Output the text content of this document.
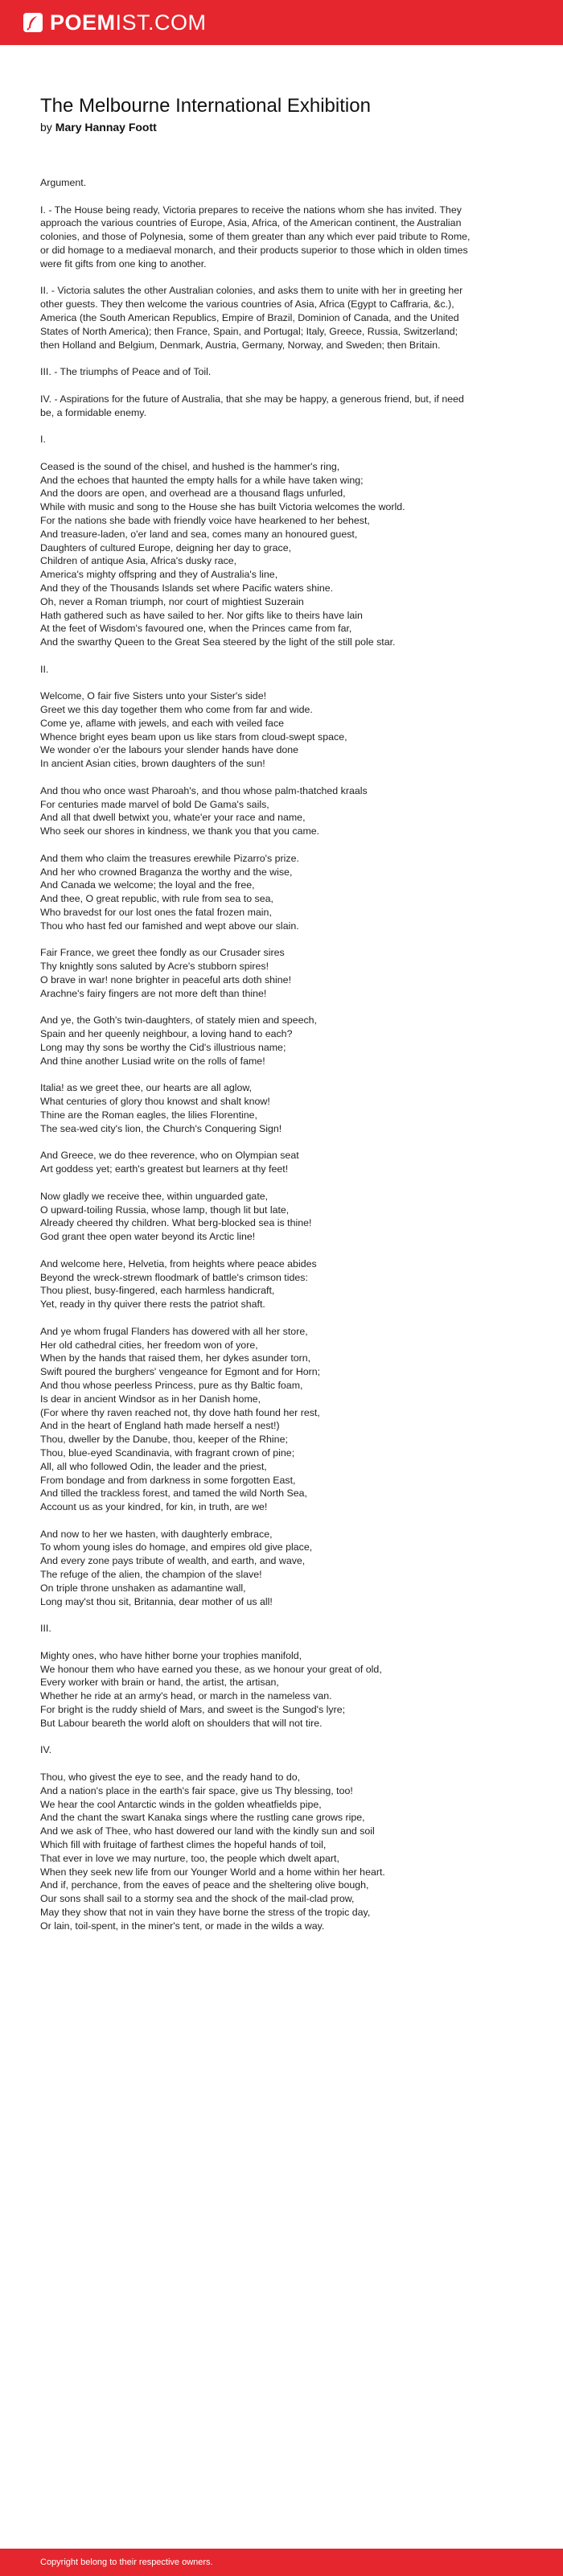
POEMIST.COM
The Melbourne International Exhibition
by Mary Hannay Foott
Argument.
I. - The House being ready, Victoria prepares to receive the nations whom she has invited. They approach the various countries of Europe, Asia, Africa, of the American continent, the Australian colonies, and those of Polynesia, some of them greater than any which ever paid tribute to Rome, or did homage to a mediaeval monarch, and their products superior to those which in olden times were fit gifts from one king to another.
II. - Victoria salutes the other Australian colonies, and asks them to unite with her in greeting her other guests. They then welcome the various countries of Asia, Africa (Egypt to Caffraria, &c.), America (the South American Republics, Empire of Brazil, Dominion of Canada, and the United States of North America); then France, Spain, and Portugal; Italy, Greece, Russia, Switzerland; then Holland and Belgium, Denmark, Austria, Germany, Norway, and Sweden; then Britain.
III. - The triumphs of Peace and of Toil.
IV. - Aspirations for the future of Australia, that she may be happy, a generous friend, but, if need be, a formidable enemy.
I.
Ceased is the sound of the chisel, and hushed is the hammer's ring,
And the echoes that haunted the empty halls for a while have taken wing;
And the doors are open, and overhead are a thousand flags unfurled,
While with music and song to the House she has built Victoria welcomes the world.
For the nations she bade with friendly voice have hearkened to her behest,
And treasure-laden, o'er land and sea, comes many an honoured guest,
Daughters of cultured Europe, deigning her day to grace,
Children of antique Asia, Africa's dusky race,
America's mighty offspring and they of Australia's line,
And they of the Thousands Islands set where Pacific waters shine.
Oh, never a Roman triumph, nor court of mightiest Suzerain
Hath gathered such as have sailed to her. Nor gifts like to theirs have lain
At the feet of Wisdom's favoured one, when the Princes came from far,
And the swarthy Queen to the Great Sea steered by the light of the still pole star.
II.
Welcome, O fair five Sisters unto your Sister's side!
Greet we this day together them who come from far and wide.
Come ye, aflame with jewels, and each with veiled face
Whence bright eyes beam upon us like stars from cloud-swept space,
We wonder o'er the labours your slender hands have done
In ancient Asian cities, brown daughters of the sun!
And thou who once wast Pharoah's, and thou whose palm-thatched kraals
For centuries made marvel of bold De Gama's sails,
And all that dwell betwixt you, whate'er your race and name,
Who seek our shores in kindness, we thank you that you came.
And them who claim the treasures erewhile Pizarro's prize.
And her who crowned Braganza the worthy and the wise,
And Canada we welcome; the loyal and the free,
And thee, O great republic, with rule from sea to sea,
Who bravedst for our lost ones the fatal frozen main,
Thou who hast fed our famished and wept above our slain.
Fair France, we greet thee fondly as our Crusader sires
Thy knightly sons saluted by Acre's stubborn spires!
O brave in war! none brighter in peaceful arts doth shine!
Arachne's fairy fingers are not more deft than thine!
And ye, the Goth's twin-daughters, of stately mien and speech,
Spain and her queenly neighbour, a loving hand to each?
Long may thy sons be worthy the Cid's illustrious name;
And thine another Lusiad write on the rolls of fame!
Italia! as we greet thee, our hearts are all aglow,
What centuries of glory thou knowst and shalt know!
Thine are the Roman eagles, the lilies Florentine,
The sea-wed city's lion, the Church's Conquering Sign!
And Greece, we do thee reverence, who on Olympian seat
Art goddess yet; earth's greatest but learners at thy feet!
Now gladly we receive thee, within unguarded gate,
O upward-toiling Russia, whose lamp, though lit but late,
Already cheered thy children. What berg-blocked sea is thine!
God grant thee open water beyond its Arctic line!
And welcome here, Helvetia, from heights where peace abides
Beyond the wreck-strewn floodmark of battle's crimson tides:
Thou pliest, busy-fingered, each harmless handicraft,
Yet, ready in thy quiver there rests the patriot shaft.
And ye whom frugal Flanders has dowered with all her store,
Her old cathedral cities, her freedom won of yore,
When by the hands that raised them, her dykes asunder torn,
Swift poured the burghers' vengeance for Egmont and for Horn;
And thou whose peerless Princess, pure as thy Baltic foam,
Is dear in ancient Windsor as in her Danish home,
(For where thy raven reached not, thy dove hath found her rest,
And in the heart of England hath made herself a nest!)
Thou, dweller by the Danube, thou, keeper of the Rhine;
Thou, blue-eyed Scandinavia, with fragrant crown of pine;
All, all who followed Odin, the leader and the priest,
From bondage and from darkness in some forgotten East,
And tilled the trackless forest, and tamed the wild North Sea,
Account us as your kindred, for kin, in truth, are we!
And now to her we hasten, with daughterly embrace,
To whom young isles do homage, and empires old give place,
And every zone pays tribute of wealth, and earth, and wave,
The refuge of the alien, the champion of the slave!
On triple throne unshaken as adamantine wall,
Long may'st thou sit, Britannia, dear mother of us all!
III.
Mighty ones, who have hither borne your trophies manifold,
We honour them who have earned you these, as we honour your great of old,
Every worker with brain or hand, the artist, the artisan,
Whether he ride at an army's head, or march in the nameless van.
For bright is the ruddy shield of Mars, and sweet is the Sungod's lyre;
But Labour beareth the world aloft on shoulders that will not tire.
IV.
Thou, who givest the eye to see, and the ready hand to do,
And a nation's place in the earth's fair space, give us Thy blessing, too!
We hear the cool Antarctic winds in the golden wheatfields pipe,
And the chant the swart Kanaka sings where the rustling cane grows ripe,
And we ask of Thee, who hast dowered our land with the kindly sun and soil
Which fill with fruitage of farthest climes the hopeful hands of toil,
That ever in love we may nurture, too, the people which dwelt apart,
When they seek new life from our Younger World and a home within her heart.
And if, perchance, from the eaves of peace and the sheltering olive bough,
Our sons shall sail to a stormy sea and the shock of the mail-clad prow,
May they show that not in vain they have borne the stress of the tropic day,
Or lain, toil-spent, in the miner's tent, or made in the wilds a way.
Copyright belong to their respective owners.
